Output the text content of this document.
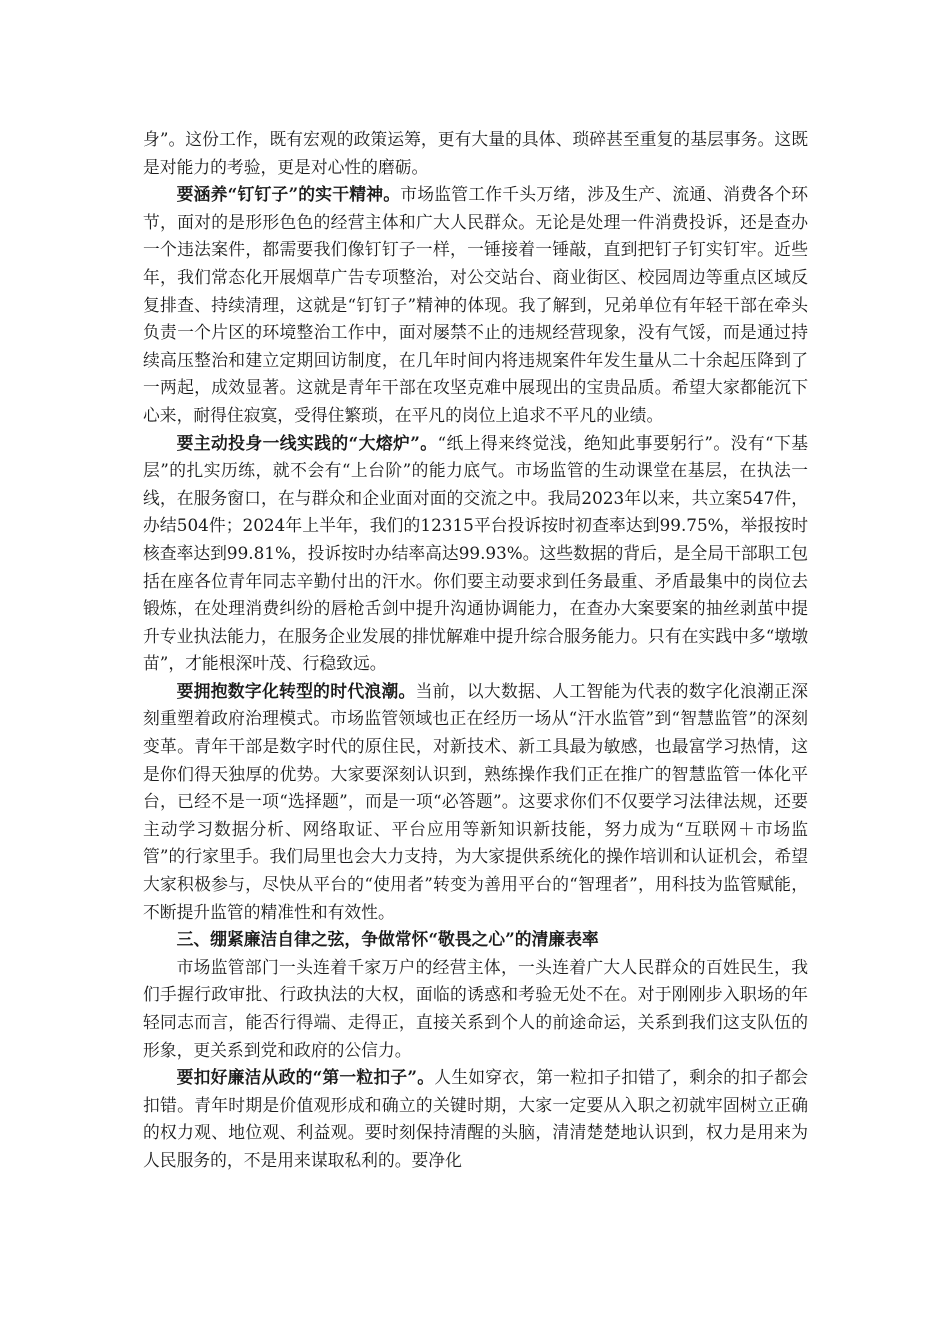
身”。这份工作，既有宏观的政策运筹，更有大量的具体、琐碎甚至重复的基层事务。这既是对能力的考验，更是对心性的磨砺。

要涵养“钉钉子”的实干精神。市场监管工作千头万绪，涉及生产、流通、消费各个环节，面对的是形形色色的经营主体和广大人民群众。无论是处理一件消费投诉，还是查办一个违法案件，都需要我们像钉钉子一样，一锤接着一锤敲，直到把钉子钉实钉牢。近些年，我们常态化开展烟草广告专项整治，对公交站台、商业街区、校园周边等重点区域反复排查、持续清理，这就是“钉钉子”精神的体现。我了解到，兄弟单位有年轻干部在牵头负责一个片区的环境整治工作中，面对屡禁不止的违规经营现象，没有气馁，而是通过持续高压整治和建立定期回访制度，在几年时间内将违规案件年发生量从二十余起压降到了一两起，成效显著。这就是青年干部在攻坚克难中展现出的宝贵品质。希望大家都能沉下心来，耐得住寂寞，受得住繁琐，在平凡的岗位上追求不平凡的业绩。

要主动投身一线实践的“大熔炉”。“纸上得来终觉浅，绝知此事要躬行”。没有“下基层”的扎实历练，就不会有“上台阶”的能力底气。市场监管的生动课堂在基层，在执法一线，在服务窗口，在与群众和企业面对面的交流之中。我局2023年以来，共立案547件，办结504件；2024年上半年，我们的12315平台投诉按时初查率达到99.75%，举报按时核查率达到99.81%，投诉按时办结率高达99.93%。这些数据的背后，是全局干部职工包括在座各位青年同志辛勤付出的汗水。你们要主动要求到任务最重、矛盾最集中的岗位去锻炼，在处理消费纠纷的唇枪舌剑中提升沟通协调能力，在查办大案要案的抽丝剥茧中提升专业执法能力，在服务企业发展的排忧解难中提升综合服务能力。只有在实践中多“墩墩苗”，才能根深叶茂、行稳致远。

要拥抱数字化转型的时代浪潮。当前，以大数据、人工智能为代表的数字化浪潮正深刻重塑着政府治理模式。市场监管领域也正在经历一场从“汗水监管”到“智慧监管”的深刻变革。青年干部是数字时代的原住民，对新技术、新工具最为敏感，也最富学习热情，这是你们得天独厚的优势。大家要深刻认识到，熟练操作我们正在推广的智慧监管一体化平台，已经不是一项“选择题”，而是一项“必答题”。这要求你们不仅要学习法律法规，还要主动学习数据分析、网络取证、平台应用等新知识新技能，努力成为“互联网＋市场监管”的行家里手。我们局里也会大力支持，为大家提供系统化的操作培训和认证机会，希望大家积极参与，尽快从平台的“使用者”转变为善用平台的“智理者”，用科技为监管赋能，不断提升监管的精准性和有效性。

三、绷紧廉洁自律之弦，争做常怀“敬畏之心”的清廉表率

市场监管部门一头连着千家万户的经营主体，一头连着广大人民群众的百姓民生，我们手握行政审批、行政执法的大权，面临的诱惑和考验无处不在。对于刚刚步入职场的年轻同志而言，能否行得端、走得正，直接关系到个人的前途命运，关系到我们这支队伍的形象，更关系到党和政府的公信力。

要扣好廉洁从政的“第一粒扣子”。人生如穿衣，第一粒扣子扣错了，剩余的扣子都会扣错。青年时期是价值观形成和确立的关键时期，大家一定要从入职之初就牢固树立正确的权力观、地位观、利益观。要时刻保持清醒的头脑，清清楚楚地认识到，权力是用来为人民服务的，不是用来谋取私利的。要净化
